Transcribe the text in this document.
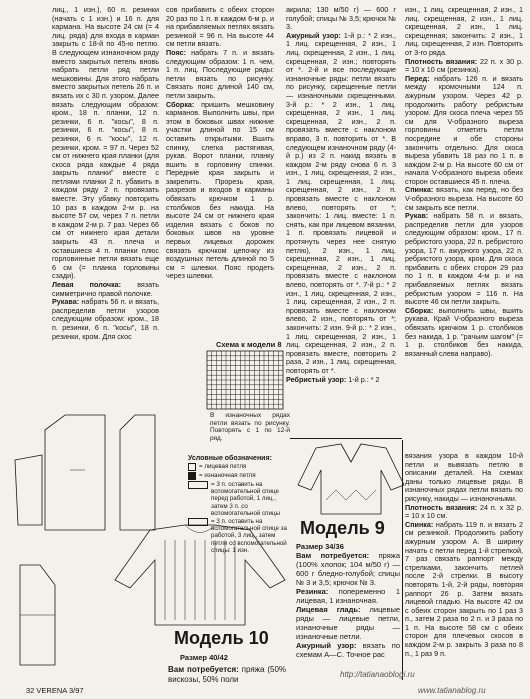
лиц., 1 изн.), 60 п. резинки (начать с 1 изн.) и 16 п. для кармана. На высоте 24 см (= 4 лиц. ряда) для входа в карман закрыть с 18-й по 45-ю петлю. В следующем изнаночном ряду вместо закрытых петель вновь набрать петли ряд петли мешковины. Для этого набрать вместо закрытых петель 26 п. и вязать их с 30 п. узором. Далее вязать следующим образом: кром., 18 п. планки, 12 п. резинки, 6 п. "косы", 8 п. резинки, 6 п. "косы", 8 п. резинки, 6 п. "косы", 12 п. резинки, кром. = 97 п. Через 52 см от нижнего края планки (для скоса ряда каждые 4 ряда закрыть планки" вместе с петлями планки 2 п. убавить в каждом ряду 2 п. провязать вместе. Эту убавку повторить 10 раз в каждом 2-м р. на высоте 57 см, через 7 п. петли в каждом 2-м р. 7 раз. Через 66 см от нижнего края детали закрыть 43 п. плеча и оставшиеся 4 п. планки плюс горловинные петли вязать еще 6 см (= планка горловины сзади).

Левая полочка: вязать симметрично правой полочке.

Рукава: набрать 56 п. и вязать, распределив петли узоров следующим образом: кром., 18 п. резинки, 6 п. "косы", 18 п. резинки, кром. Для скос

сов прибавить с обеих сторон 20 раз по 1 п. в каждом 6-м р. и на прибавляемых петлях вязать резинкой = 96 п. На высоте 44 см петли вязать.

Пояс: набрать 7 п. и вязать следующим образом: 1 п. чем, 1 п. лиц. Последующие ряды: петли вязать по рисунку. Связать пояс длиной 140 см, петли закрыть.

Сборка: пришить мешковину карманов. Выполнить швы, при этом в боковых швах нижние участки длиной по 15 см оставить открытыми. Вшить спинку, слегка растягивая, рукав. Ворот планки, планку вшить в горловину спинки. Передние края закрыть и закрепить. Прорезь края, разрезов и входов в карманы обвязать крючком 1 р. столбиков без накида. На высоте 24 см от нижнего края изделия вязать с боков по боковых швов на уровне первых лицевых дорожек связать крючком цепочку из воздушных петель длиной по 5 см = шлевки. Пояс продеть через шлевки.

акрила; 130 м/50 г) — 600 г голубой; спицы № 3,5; крючок № 3.

Ажурный узор: 1-й р.: * 2 изн., 1 лиц. скрещенная, 2 изн., 1 лиц. скрещенная, 2 изн., 1 лиц. скрещенная, 2 изн.; повторять от *. 2-й и все последующие изнаночные ряды: петли вязать по рисунку, скрещенные петли — изнаночными скрещенными. 3-й р.: * 2 изн., 1 лиц. скрещенная, 2 изн., 1 лиц. скрещенная, 2 изн., 2 п. провязать вместе с наклоном вправо, 3 п. повторить от *. В следующем изнаночном ряду (4-й р.) из 2 п. накид вязать в каждом 2-м ряду снова 6 п. 3 изн., 1 лиц. скрещенная, 2 изн., 1 лиц. скрещенная, 1 лиц. скрещенная, 2 изн., 2 п. провязать вместе с наклоном влево, повторять от *; закончить: 1 лиц. вместе: 1 п. снять, как при лицевом вязании, 1 п. провязать лицевой и протянуть через нее снятую петлю), 2 изн., 1 лиц. скрещенная, 2 изн., 1 лиц. скрещенная, 2 изн., 2 п. провязать вместе с наклоном влево, повторять от *. 7-й р.: * 2 изн., 1 лиц. скрещенная, 2 изн., 1 лиц. скрещенная, 2 изн., 2 п. провязать вместе с наклоном влево, 2 изн., повторять от *; закончить: 2 изн. 9-й р.: * 2 изн., 1 лиц. скрещенная, 2 изн., 1 лиц. скрещенная, 2 изн., 2 п. провязать вместе, повторить 2 раза, 2 изн., 1 лиц. скрещенная, повторять от *.

Ребристый узор: 1-й р.: * 2

изн., 1 лиц. скрещенная, 2 изн., 1 лиц. скрещенная, 2 изн., 1 лиц. скрещенная, 2 изн., 1 лиц. скрещенная; закончить: 2 изн., 1 лиц. скрещенная, 2 изн. Повторить от 3-го ряда.

Плотность вязания: 22 п. x 30 р. = 10 x 10 см (резинка).

Перед: набрать 126 п. и вязать между кромочными 124 п. ажурным узором. Через 42 р. продолжить работу ребристым узором. Для скоса плеча через 55 см для V-образного выреза горловины отметить петли посредине и обе стороны закончить отдельно. Для скоса выреза убавить 18 раз по 1 п. в каждом 2-м р. На высоте 60 см от начала V-образного выреза обеих сторон оставшиеся 45 п. плеча.

Спинка: вязать, как перед, но без V-образного выреза. На высоте 60 см закрыть все петли.

Рукав: набрать 58 п. и вязать, распределив петли для узоров следующим образом: кром., 17 п. ребристого узора, 22 п. ребристого узора, 17 п. ажурного узора, 22 п. ребристого узора, кром. Для скоса прибавить с обеих сторон 29 раз по 1 п. в каждом 4-м р. и на прибавляемых петлях вязать ребристым узором = 116 п. На высоте 46 см петли закрыть.

Сборка: выполнить швы, вшить рукава. Край V-образного выреза обвязать крючком 1 р. столбиков без накида, 1 р. "рачьим шагом" (= 1 р. столбиков без накида, вязанный слева направо).

вязания узора в каждом 10-й петли и вывязать петлю в описании деталей. На схемах даны только лицевые ряды. В изнаночных рядах петли вязать по рисунку, накиды — изнаночными.

Плотность вязания: 24 п. x 32 р. = 10 x 10 см.

Спинка: набрать 119 п. и вязать 2 см резинкой. Продолжить работу ажурным узором А. В ширину начать с петли перед 1-й стрелкой, 7 раз связать раппорт между стрелками, закончить петлей после 2-й стрелки. В высоту повторять 1-й, 2-й ряды, повторяя раппорт 26 р. Затем вязать лицевой гладью. На высоте 42 см с обеих сторон закрыть по 1 раз 3 п., затем 2 раза по 2 п. и 3 раза по 1 п. На высоте 58 см с обеих сторон для плечевых скосов в каждом 2-м р. закрыть 3 раза по 8 п., 1 раз 9 п.

Схема к модели 8
В изнаночных рядах петли вязать по рисунку. Повторять с 1 по 12-й ряд.
Условные обозначения:
= лицевая петля
= изнаночная петля
= 3 п. оставить на вспомогательной спице перед работой, 1 лиц., затем 3 п. со вспомогательной спицы
= 3 п. оставить на вспомогательной спице за работой, 3 лиц., затем петли со вспомогательной спицы: 1 изн.
Модель 10
Размер 40/42
Вам потребуется: пряжа (50% вискозы, 50% поли
Модель 9

Размер 34/36

Вам потребуется: пряжа (100% хлопок; 104 м/50 г) — 600 г бледно-голубой; спицы № 3 и 3,5; крючок № 3.

Резинка: попеременно 1 лицевая, 1 изнаночная.

Лицевая гладь: лицевые ряды — лицевые петли, изнаночные ряды — изнаночные петли.

Ажурный узор: вязать по схемам А—С. Точное рас

32 VERENA 3/97
http://tatianaoblogi.ru
www.tatianablog.ru
